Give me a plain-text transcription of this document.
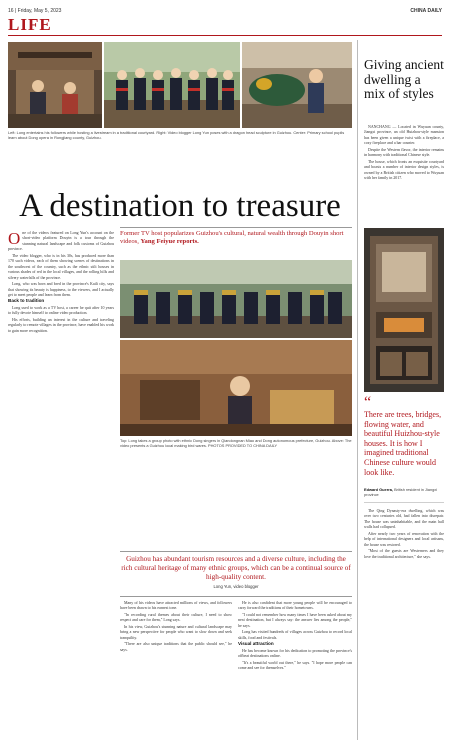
16 | Friday, May 5, 2023	CHINA DAILY
LIFE
Left: Long entertains his followers while hosting a livestream in a traditional courtyard. Right: Video blogger Long Yun poses with a dragon head sculpture in Guizhou. Center: Primary school pupils learn about Dong opera in Rongjiang county, Guizhou.
A destination to treasure
Former TV host popularizes Guizhou's cultural, natural wealth through Douyin short videos, Yang Feiyue reports.

One of the videos featured on Long Yun's account on the short-video platform Douyin is a tour through the stunning natural landscape and folk customs of Guizhou province.

The video blogger, who is in his 30s, has produced more than 170 such videos, each of them showing scenes of destinations in the southwest of the country, such as the ethnic stilt houses in various shades of red in the local villages, and the rolling hills and silvery waterfalls of the province.

Long, who was born and bred in the province's Kaili city, says that showing its beauty is happiness, to the viewers, and I actually get to meet people and learn from them.

Back to tradition

Long used to work as a TV host, a career he quit after 10 years to fully devote himself to online video production.

His efforts, building an interest in the culture and traveling regularly to remote villages in the province, have enabled his work to gain more recognition.

Top: Long takes a group photo with ethnic Dong singers in Qiandongnan Miao and Dong autonomous prefecture, Guizhou. Above: The video presents a Guizhou local making bird wares. PHOTOS PROVIDED TO CHINA DAILY

Many of his videos have attracted millions of views, and followers have been drawn to his earnest tone.

"In recording rural themes about their culture, I need to show respect and care for them," Long says.

In his view, Guizhou's stunning nature and cultural landscape may bring a new perspective for people who want to slow down and seek tranquility.

"There are also unique traditions that the public should see," he says.

He is also confident that more young people will be encouraged to carry forward the traditions of their hometowns.

"I could not remember how many times I have been asked about my next destination, but I always say: the answer lies among the people," he says.

Long has visited hundreds of villages across Guizhou to record local skills, food and festivals.

Visual attraction

He has become known for his dedication to promoting the province's offbeat destinations online.

"It's a beautiful world out there," he says. "I hope more people can come and see for themselves."

Guizhou has abundant tourism resources and a diverse culture, including the rich cultural heritage of many ethnic groups, which can be a continual source of high-quality content.
Long Yun, video blogger
Giving ancient dwelling a mix of styles

NANCHANG — Located in Wuyuan county, Jiangxi province, an old Huizhou-style mansion has been given a unique twist with a fireplace, a cozy fireplace and a bar counter.

Despite the Western flavor, the interior remains in harmony with traditional Chinese style.

The house, which fronts an exquisite courtyard and boasts a number of interior design styles, is owned by a British citizen who moved to Wuyuan with her family in 2017.

“
There are trees, bridges, flowing water, and beautiful Huizhou-style houses. It is how I imagined traditional Chinese culture would look like.
Edward Guerra, British resident in Jiangxi province

The Qing Dynasty-era dwelling, which was over two centuries old, had fallen into disrepair. The house was uninhabitable, and the main hall walls had collapsed.

After nearly two years of renovation with the help of international designers and local artisans, the house was restored.

"Most of the guests are Westerners and they love the traditional architecture," she says.
